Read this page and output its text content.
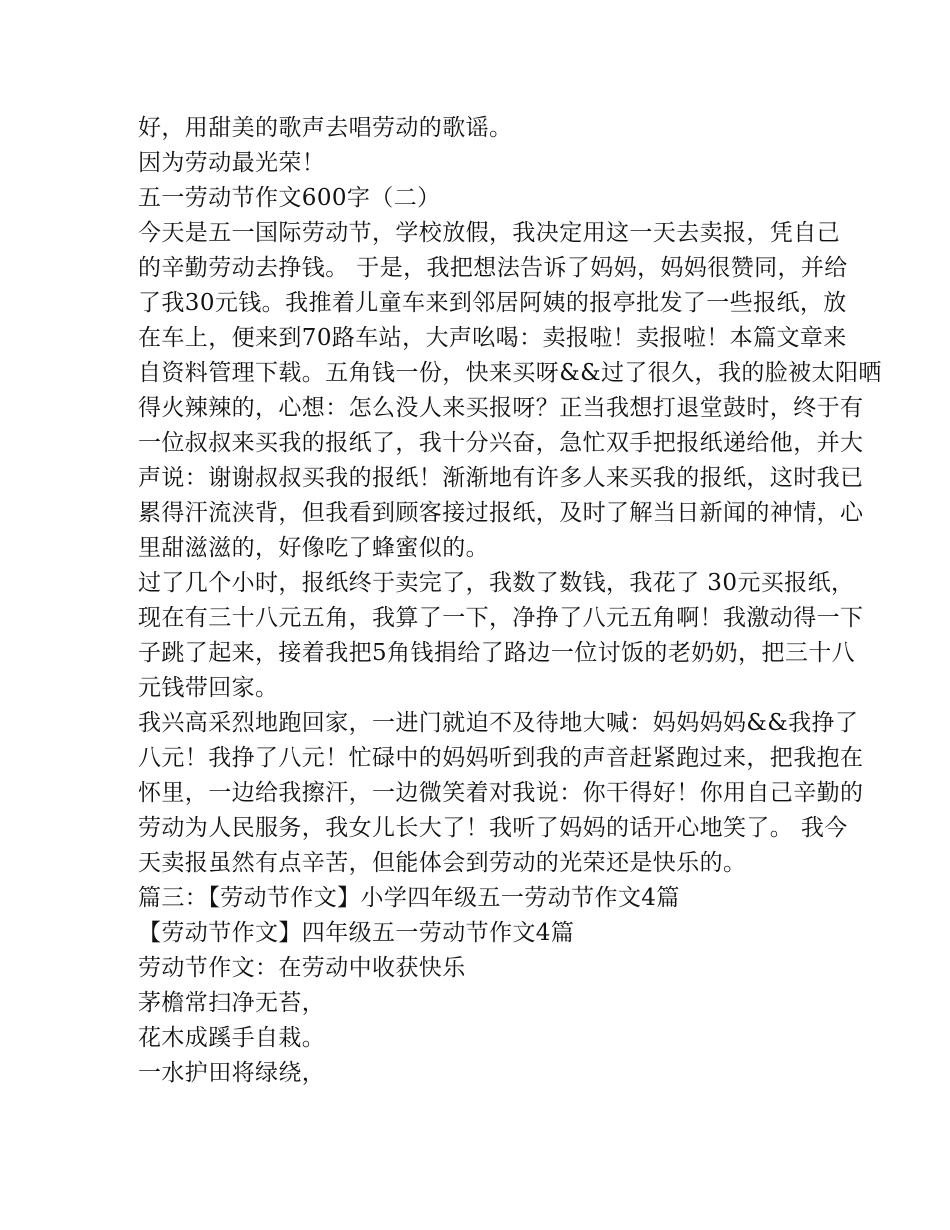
好，用甜美的歌声去唱劳动的歌谣。
因为劳动最光荣！
五一劳动节作文600字（二）
今天是五一国际劳动节，学校放假，我决定用这一天去卖报，凭自己
的辛勤劳动去挣钱。 于是，我把想法告诉了妈妈，妈妈很赞同，并给
了我30元钱。我推着儿童车来到邻居阿姨的报亭批发了一些报纸，放
在车上，便来到70路车站，大声吆喝：卖报啦！卖报啦！本篇文章来
自资料管理下载。五角钱一份，快来买呀&&过了很久，我的脸被太阳晒
得火辣辣的，心想：怎么没人来买报呀？正当我想打退堂鼓时，终于有
一位叔叔来买我的报纸了，我十分兴奋，急忙双手把报纸递给他，并大
声说：谢谢叔叔买我的报纸！渐渐地有许多人来买我的报纸，这时我已
累得汗流浃背，但我看到顾客接过报纸，及时了解当日新闻的神情，心
里甜滋滋的，好像吃了蜂蜜似的。
过了几个小时，报纸终于卖完了，我数了数钱，我花了 30元买报纸，
现在有三十八元五角，我算了一下，净挣了八元五角啊！我激动得一下
子跳了起来，接着我把5角钱捐给了路边一位讨饭的老奶奶，把三十八
元钱带回家。
我兴高采烈地跑回家，一进门就迫不及待地大喊：妈妈妈妈&&我挣了
八元！我挣了八元！忙碌中的妈妈听到我的声音赶紧跑过来，把我抱在
怀里，一边给我擦汗，一边微笑着对我说：你干得好！你用自己辛勤的
劳动为人民服务，我女儿长大了！我听了妈妈的话开心地笑了。 我今
天卖报虽然有点辛苦，但能体会到劳动的光荣还是快乐的。
篇三：【劳动节作文】小学四年级五一劳动节作文4篇
【劳动节作文】四年级五一劳动节作文4篇
劳动节作文：在劳动中收获快乐
茅檐常扫净无苔，
花木成蹊手自栽。
一水护田将绿绕，
